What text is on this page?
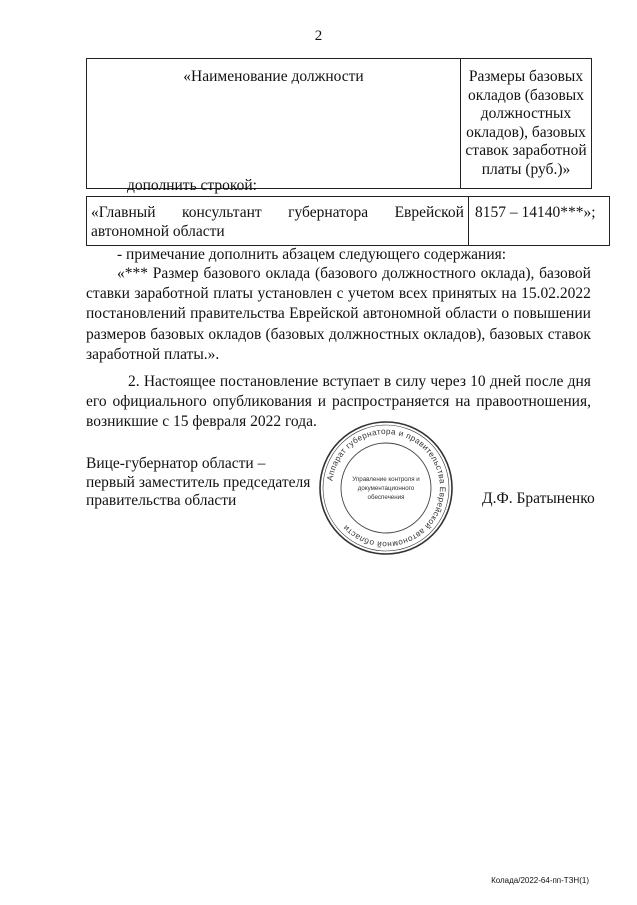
2
«Наименование должности	Размеры базовых
окладов (базовых
должностных
окладов), базовых
ставок заработной
платы (руб.)»
дополнить строкой:
«Главный консультант губернатора Еврейской
автономной области
	8157 – 14140***»;
- примечание дополнить абзацем следующего содержания:
«*** Размер базового оклада (базового должностного оклада), базовой
ставки заработной платы установлен с учетом всех принятых на 15.02.2022
постановлений правительства Еврейской автономной области о повышении
размеров базовых окладов (базовых должностных окладов), базовых ставок
заработной платы.».
2. Настоящее постановление вступает в силу через 10 дней после дня
его официального опубликования и распространяется на правоотношения,
возникшие с 15 февраля 2022 года.
Вице-губернатор области –
первый заместитель председателя
правительства области	Д.Ф. Братыненко
Аппарат губернатора и правительства Еврейской автономной области
Управление контроля и
документационного
обеспечения
Колада/2022-64-пп-ТЗН(1)
